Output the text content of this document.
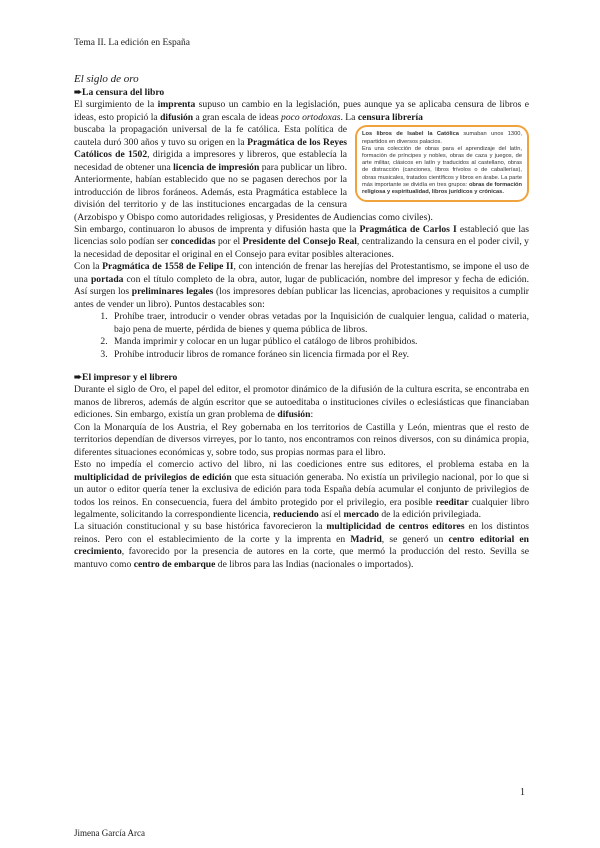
Tema II. La edición en España
El siglo de oro

➨La censura del libro

El surgimiento de la imprenta supuso un cambio en la legislación, pues aunque ya se aplicaba censura de libros e ideas, esto propició la difusión a gran escala de ideas poco ortodoxas. La censura librería

Los libros de Isabel la Católica sumaban unos 1300, repartidos en diversos palacios.

Era una colección de obras para el aprendizaje del latín, formación de príncipes y nobles, obras de caza y juegos, de arte militar, clásicos en latín y traducidos al castellano, obras de distracción (canciones, libros frívolos o de caballerías), obras musicales, tratados científicos y libros en árabe. La parte más importante se dividía en tres grupos: obras de formación religiosa y espiritualidad, libros jurídicos y crónicas.

buscaba la propagación universal de la fe católica. Esta política de cautela duró 300 años y tuvo su origen en la Pragmática de los Reyes Católicos de 1502, dirigida a impresores y libreros, que establecía la necesidad de obtener una licencia de impresión para publicar un libro. Anteriormente, habían establecido que no se pagasen derechos por la introducción de libros foráneos. Además, esta Pragmática establece la división del territorio y de las instituciones encargadas de la censura (Arzobispo y Obispo como autoridades religiosas, y Presidentes de Audiencias como civiles).

Sin embargo, continuaron lo abusos de imprenta y difusión hasta que la Pragmática de Carlos I estableció que las licencias solo podían ser concedidas por el Presidente del Consejo Real, centralizando la censura en el poder civil, y la necesidad de depositar el original en el Consejo para evitar posibles alteraciones.

Con la Pragmática de 1558 de Felipe II, con intención de frenar las herejías del Protestantismo, se impone el uso de una portada con el título completo de la obra, autor, lugar de publicación, nombre del impresor y fecha de edición. Así surgen los preliminares legales (los impresores debían publicar las licencias, aprobaciones y requisitos a cumplir antes de vender un libro). Puntos destacables son:

1. Prohíbe traer, introducir o vender obras vetadas por la Inquisición de cualquier lengua, calidad o materia, bajo pena de muerte, pérdida de bienes y quema pública de libros.
2. Manda imprimir y colocar en un lugar público el catálogo de libros prohibidos.
3. Prohíbe introducir libros de romance foráneo sin licencia firmada por el Rey.

➨El impresor y el librero

Durante el siglo de Oro, el papel del editor, el promotor dinámico de la difusión de la cultura escrita, se encontraba en manos de libreros, además de algún escritor que se autoeditaba o instituciones civiles o eclesiásticas que financiaban ediciones. Sin embargo, existía un gran problema de difusión:

Con la Monarquía de los Austria, el Rey gobernaba en los territorios de Castilla y León, mientras que el resto de territorios dependían de diversos virreyes, por lo tanto, nos encontramos con reinos diversos, con su dinámica propia, diferentes situaciones económicas y, sobre todo, sus propias normas para el libro.

Esto no impedía el comercio activo del libro, ni las coediciones entre sus editores, el problema estaba en la multiplicidad de privilegios de edición que esta situación generaba. No existía un privilegio nacional, por lo que si un autor o editor quería tener la exclusiva de edición para toda España debía acumular el conjunto de privilegios de todos los reinos. En consecuencia, fuera del ámbito protegido por el privilegio, era posible reeditar cualquier libro legalmente, solicitando la correspondiente licencia, reduciendo así el mercado de la edición privilegiada.

La situación constitucional y su base histórica favorecieron la multiplicidad de centros editores en los distintos reinos. Pero con el establecimiento de la corte y la imprenta en Madrid, se generó un centro editorial en crecimiento, favorecido por la presencia de autores en la corte, que mermó la producción del resto. Sevilla se mantuvo como centro de embarque de libros para las Indias (nacionales o importados).

1
Jimena García Arca
